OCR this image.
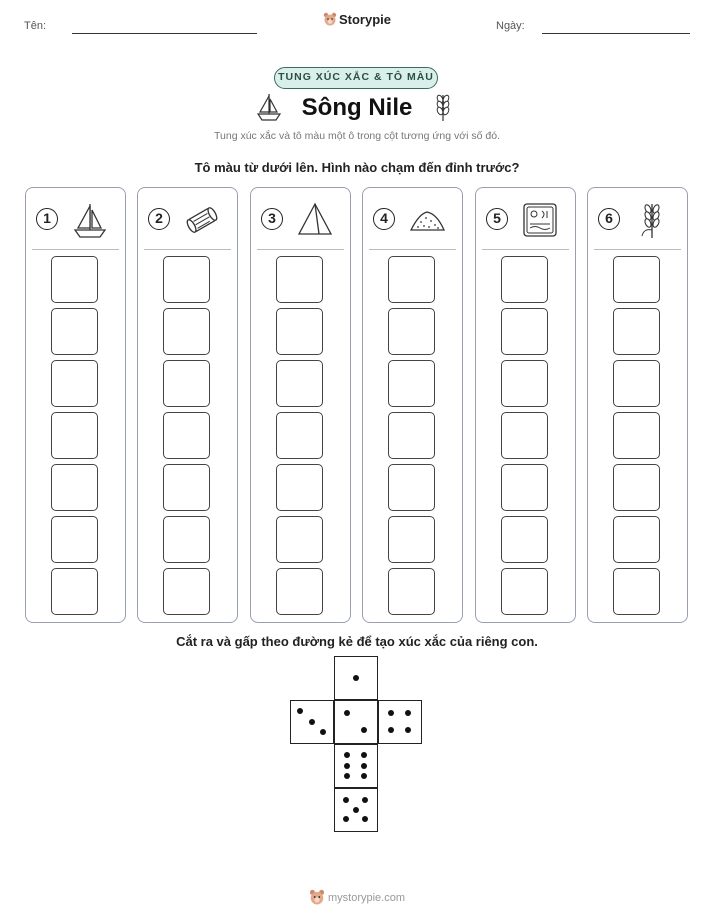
Tên:	Storypie	Ngày:
TUNG XÚC XẮC & TÔ MÀU
Sông Nile
Tung xúc xắc và tô màu một ô trong cột tương ứng với số đó.
Tô màu từ dưới lên. Hình nào chạm đến đỉnh trước?
1	2	3	4	5	6
Cắt ra và gấp theo đường kẻ để tạo xúc xắc của riêng con.
mystorypie.com
